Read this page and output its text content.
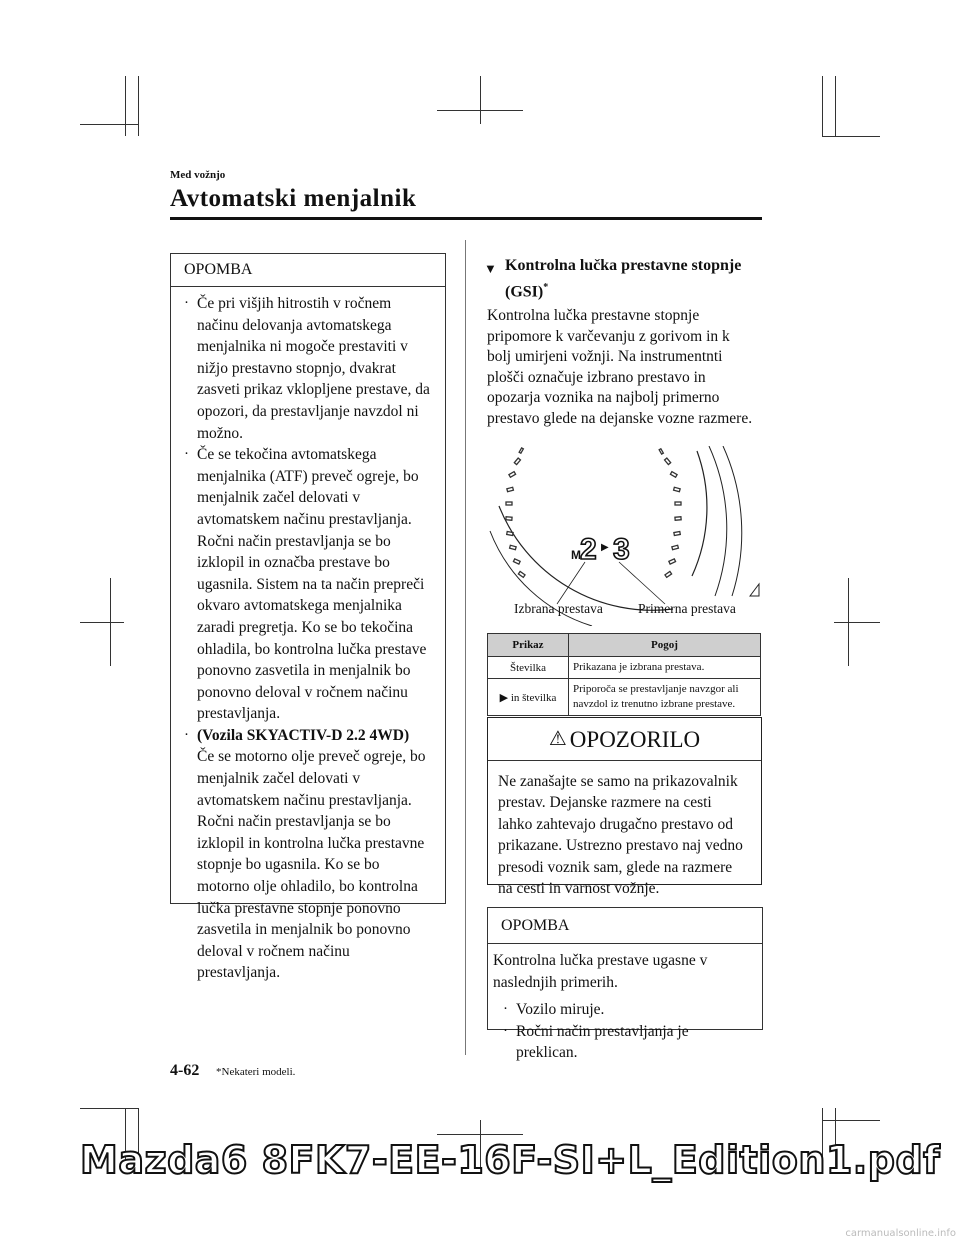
Med vožnjo
Avtomatski menjalnik
OPOMBA
· Če pri višjih hitrostih v ročnem
načinu delovanja avtomatskega
menjalnika ni mogoče prestaviti v
nižjo prestavno stopnjo, dvakrat
zasveti prikaz vklopljene prestave, da
opozori, da prestavljanje navzdol ni
možno.
· Če se tekočina avtomatskega
menjalnika (ATF) preveč ogreje, bo
menjalnik začel delovati v
avtomatskem načinu prestavljanja.
Ročni način prestavljanja se bo
izklopil in označba prestave bo
ugasnila. Sistem na ta način prepreči
okvaro avtomatskega menjalnika
zaradi pregretja. Ko se bo tekočina
ohladila, bo kontrolna lučka prestave
ponovno zasvetila in menjalnik bo
ponovno deloval v ročnem načinu
prestavljanja.
· (Vozila SKYACTIV-D 2.2 4WD)
Če se motorno olje preveč ogreje, bo
menjalnik začel delovati v
avtomatskem načinu prestavljanja.
Ročni način prestavljanja se bo
izklopil in kontrolna lučka prestavne
stopnje bo ugasnila. Ko se bo
motorno olje ohladilo, bo kontrolna
lučka prestavne stopnje ponovno
zasvetila in menjalnik bo ponovno
deloval v ročnem načinu
prestavljanja.
▼ Kontrolna lučka prestavne stopnje
(GSI)*
Kontrolna lučka prestavne stopnje
pripomore k varčevanju z gorivom in k
bolj umirjeni vožnji. Na instrumentnti
plošči označuje izbrano prestavo in
opozarja voznika na najbolj primerno
prestavo glede na dejanske vozne razmere.
M 2 ▶ 3
Izbrana prestava	Primerna prestava
Prikaz	Pogoj
Številka	Prikazana je izbrana prestava.
▶ in številka	Priporoča se prestavljanje navzgor ali
navzdol iz trenutno izbrane prestave.
⚠ OPOZORILO
Ne zanašajte se samo na prikazovalnik
prestav. Dejanske razmere na cesti
lahko zahtevajo drugačno prestavo od
prikazane. Ustrezno prestavo naj vedno
presodi voznik sam, glede na razmere
na cesti in varnost vožnje.
OPOMBA
Kontrolna lučka prestave ugasne v
naslednjih primerih.
· Vozilo miruje.
· Ročni način prestavljanja je preklican.
4-62 *Nekateri modeli.
Mazda6 8FK7-EE-16F-SI+L_Edition1.pdf
carmanualsonline.info
